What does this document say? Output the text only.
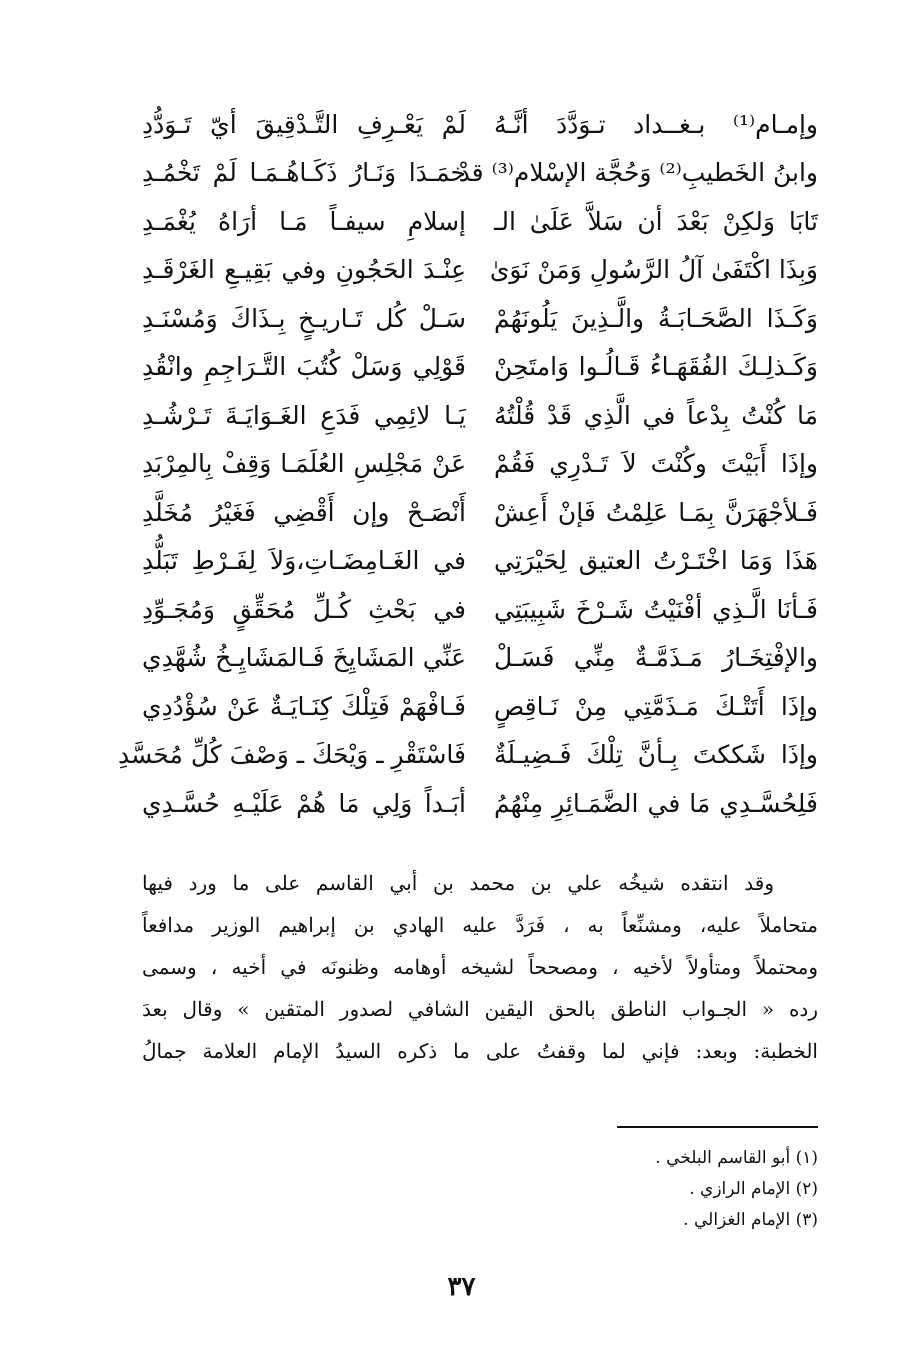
وإمـام⁽¹⁾ بـغــداد تـوَدَّدَ أنَّـهُ
لَمْ يَعْـرِفِ التَّـدْقِيقَ أيّ تَـوَدُّدِ
وابنُ الخَطيبِ⁽²⁾ وَحُجَّة الإسْلام⁽³⁾ قدْ
خمَـدَا وَنَـارُ ذَكَـاهُـمَـا لَمْ تَخْمُـدِ
تَابَا وَلكِنْ بَعْدَ أن سَلاَّ عَلَىٰ الـ
إسلامِ سيفـاً مَـا أرَاهُ يُغْمَـدِ
وَبِذَا اكْتَفَىٰ آلُ الرَّسُولِ وَمَنْ نَوَىٰ
عِنْـدَ الحَجُونِ وفي بَقِيـعِ الغَرْقَـدِ
وَكَـذَا الصَّحَـابَـةُ والَّـذِينَ يَلُونَهُمْ
سَـلْ كُل تَـاريـخٍ بِـذَاكَ وَمُسْنَـدِ
وَكَـذلِـكَ الفُقَهَـاءُ قَـالُـوا وَامتَحِنْ
قَوْلِي وَسَلْ كُتُبَ التَّـرَاجِمِ وانْقُدِ
مَا كُنْتُ بِدْعاً في الَّذِي قَدْ قُلْتُهُ
يَـا لائِمِي فَدَعِ الغَـوَايَـةَ تَـرْشُـدِ
وإذَا أَبَيْتَ وكُنْتَ لاَ تَـدْرِي فَقُمْ
عَنْ مَجْلِسِ العُلَمَـا وَقِفْ بِالمِرْبَدِ
فَـلأجْهَرَنَّ بِمَـا عَلِمْتُ فَإنْ أَعِشْ
أَنْصَـحْ وإن أَقْضِي فَغَيْرُ مُخَلَّدِ
هَذَا وَمَا اخْتَـرْتُ العتيق لِحَيْرَتِي
في الغَـامِضَـاتِ،وَلاَ لِفَـرْطِ تَبَلُّدِ
فَـأنَا الَّـذِي أفْنَيْتُ شَـرْخَ شَبِيبَتِي
في بَحْثِ كُـلِّ مُحَقِّقٍ وَمُجَـوِّدِ
والإفْتِخَـارُ مَـذَمَّـةٌ مِنِّي فَسَـلْ
عَنِّي المَشَايِخَ فَـالمَشَايِـخُ شُهَّدِي
وإذَا أَتَتْـكَ مَـذَمَّتِي مِنْ نَـاقِصٍ
فَـافْهَمْ فَتِلْكَ كِنَـايَـةٌ عَنْ سُؤْدُدِي
وإذَا شَككتَ بِـأنَّ تِلْكَ فَـضِيـلَةٌ
فَاسْتَقْرِ ـ وَيْحَكَ ـ وَصْفَ كُلِّ مُحَسَّدِ
فَلِحُسَّـدِي مَا في الضَّمَـائِرِ مِنْهُمُ
أبَـداً وَلِي مَا هُمْ عَلَيْـهِ حُسَّـدِي
وقد انتقده شيخُه علي بن محمد بن أبي القاسم على ما ورد فيها
متحاملاً عليه، ومشنِّعاً به ، فَرَدَّ عليه الهادي بن إبراهيم الوزير مدافعاً
ومحتملاً ومتأولاً لأخيه ، ومصححاً لشيخه أوهامه وظنونَه في أخيه ، وسمى
رده « الجـواب الناطق بالحق اليقين الشافي لصدور المتقين » وقال بعدَ
الخطبة: وبعد: فإني لما وقفتُ على ما ذكره السيدُ الإمام العلامة جمالُ
(١) أبو القاسم البلخي .
(٢) الإمام الرازي .
(٣) الإمام الغزالي .
٣٧
